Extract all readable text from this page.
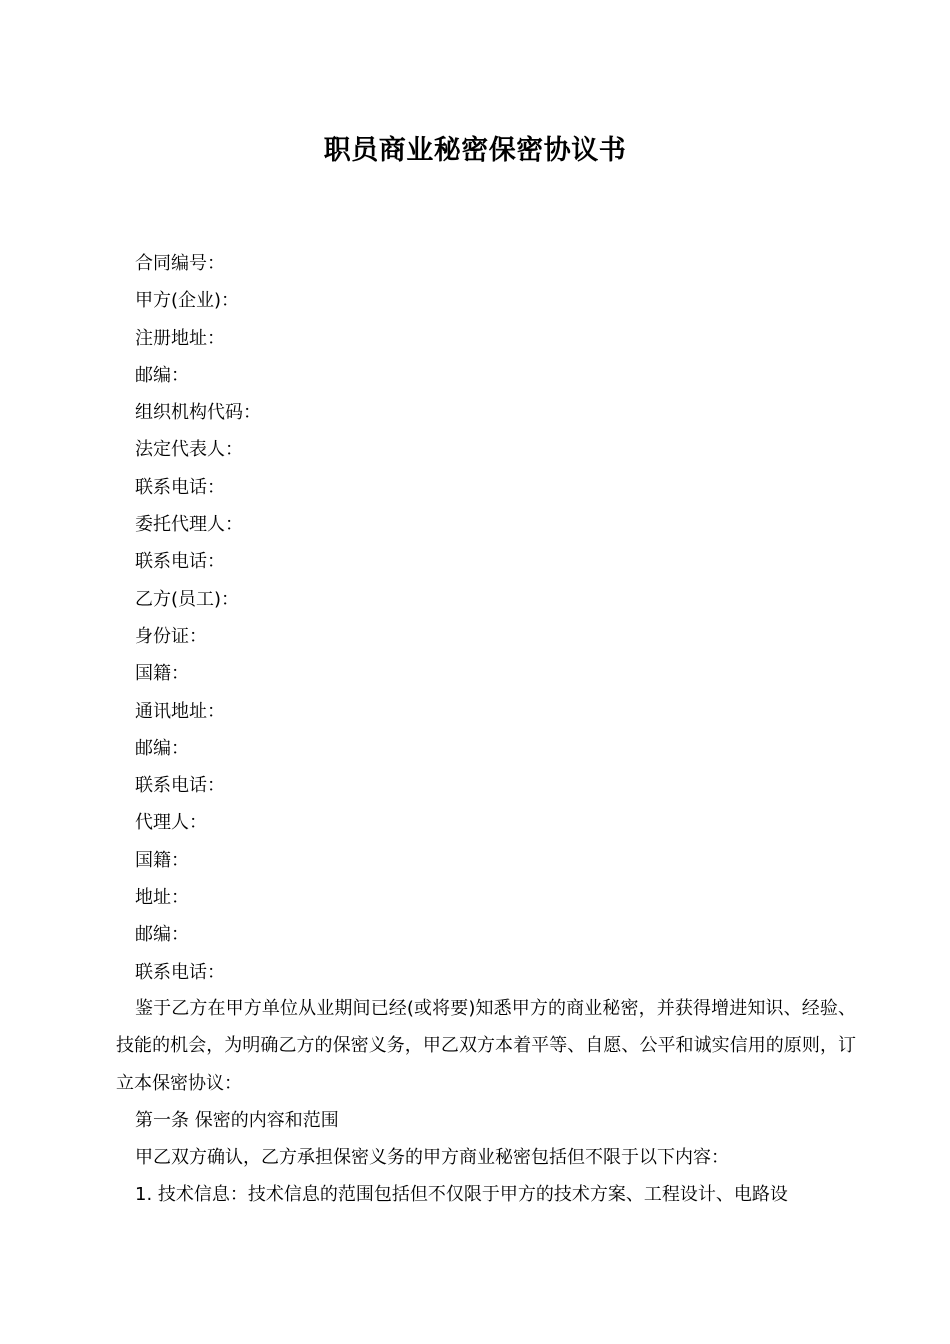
职员商业秘密保密协议书
合同编号：
甲方(企业)：
注册地址：
邮编：
组织机构代码：
法定代表人：
联系电话：
委托代理人：
联系电话：
乙方(员工)：
身份证：
国籍：
通讯地址：
邮编：
联系电话：
代理人：
国籍：
地址：
邮编：
联系电话：

鉴于乙方在甲方单位从业期间已经(或将要)知悉甲方的商业秘密，并获得增进知识、经验、技能的机会，为明确乙方的保密义务，甲乙双方本着平等、自愿、公平和诚实信用的原则，订立本保密协议：

第一条 保密的内容和范围

甲乙双方确认，乙方承担保密义务的甲方商业秘密包括但不限于以下内容：

1. 技术信息：技术信息的范围包括但不仅限于甲方的技术方案、工程设计、电路设
